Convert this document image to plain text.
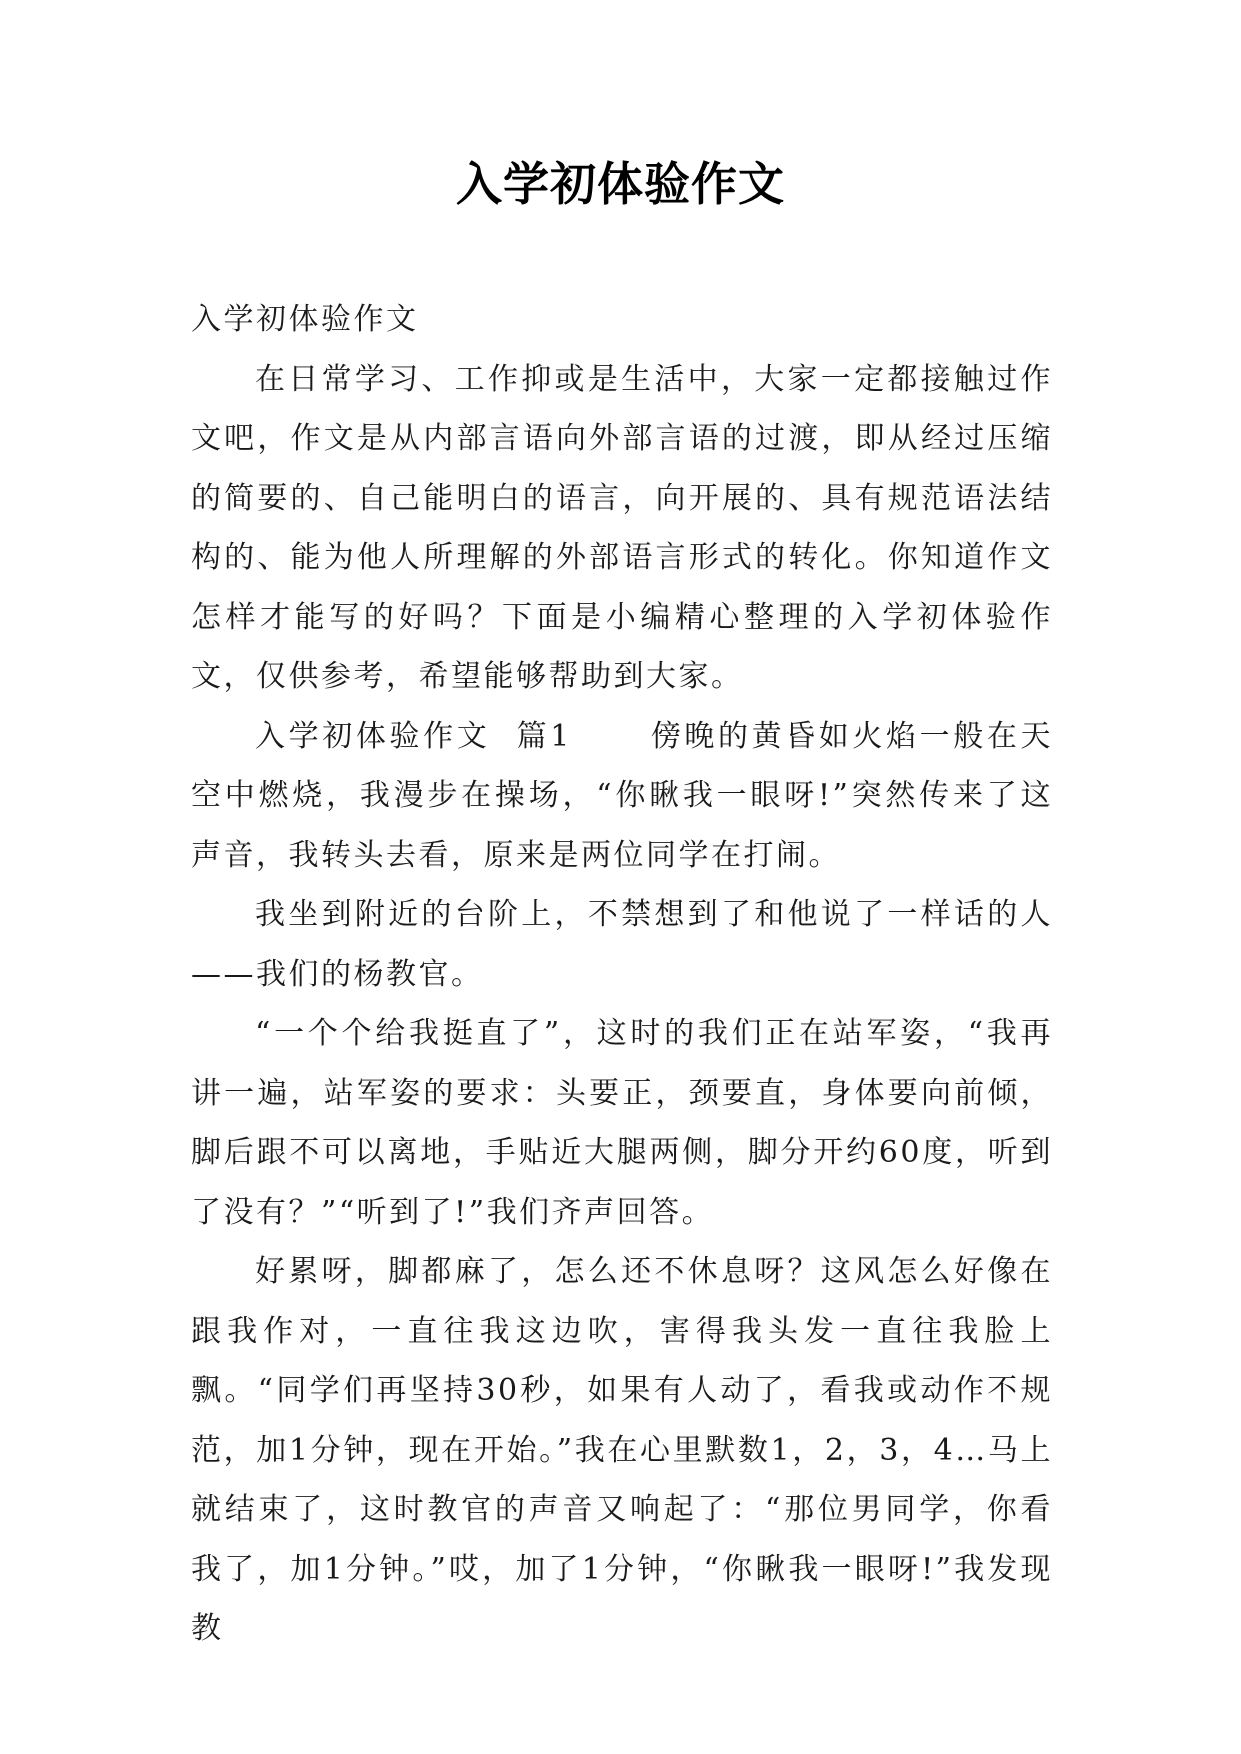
入学初体验作文

入学初体验作文

在日常学习、工作抑或是生活中，大家一定都接触过作文吧，作文是从内部言语向外部言语的过渡，即从经过压缩的简要的、自己能明白的语言，向开展的、具有规范语法结构的、能为他人所理解的外部语言形式的转化。你知道作文怎样才能写的好吗？下面是小编精心整理的入学初体验作文，仅供参考，希望能够帮助到大家。

入学初体验作文  篇1      傍晚的黄昏如火焰一般在天空中燃烧，我漫步在操场，“你瞅我一眼呀!”突然传来了这声音，我转头去看，原来是两位同学在打闹。

我坐到附近的台阶上，不禁想到了和他说了一样话的人——我们的杨教官。

“一个个给我挺直了”，这时的我们正在站军姿，“我再讲一遍，站军姿的要求：头要正，颈要直，身体要向前倾，脚后跟不可以离地，手贴近大腿两侧，脚分开约60度，听到了没有？”“听到了!”我们齐声回答。

好累呀，脚都麻了，怎么还不休息呀？这风怎么好像在跟我作对，一直往我这边吹，害得我头发一直往我脸上飘。“同学们再坚持30秒，如果有人动了，看我或动作不规范，加1分钟，现在开始。”我在心里默数1，2，3，4…马上就结束了，这时教官的声音又响起了：“那位男同学，你看我了，加1分钟。”哎，加了1分钟，“你瞅我一眼呀!”我发现教
